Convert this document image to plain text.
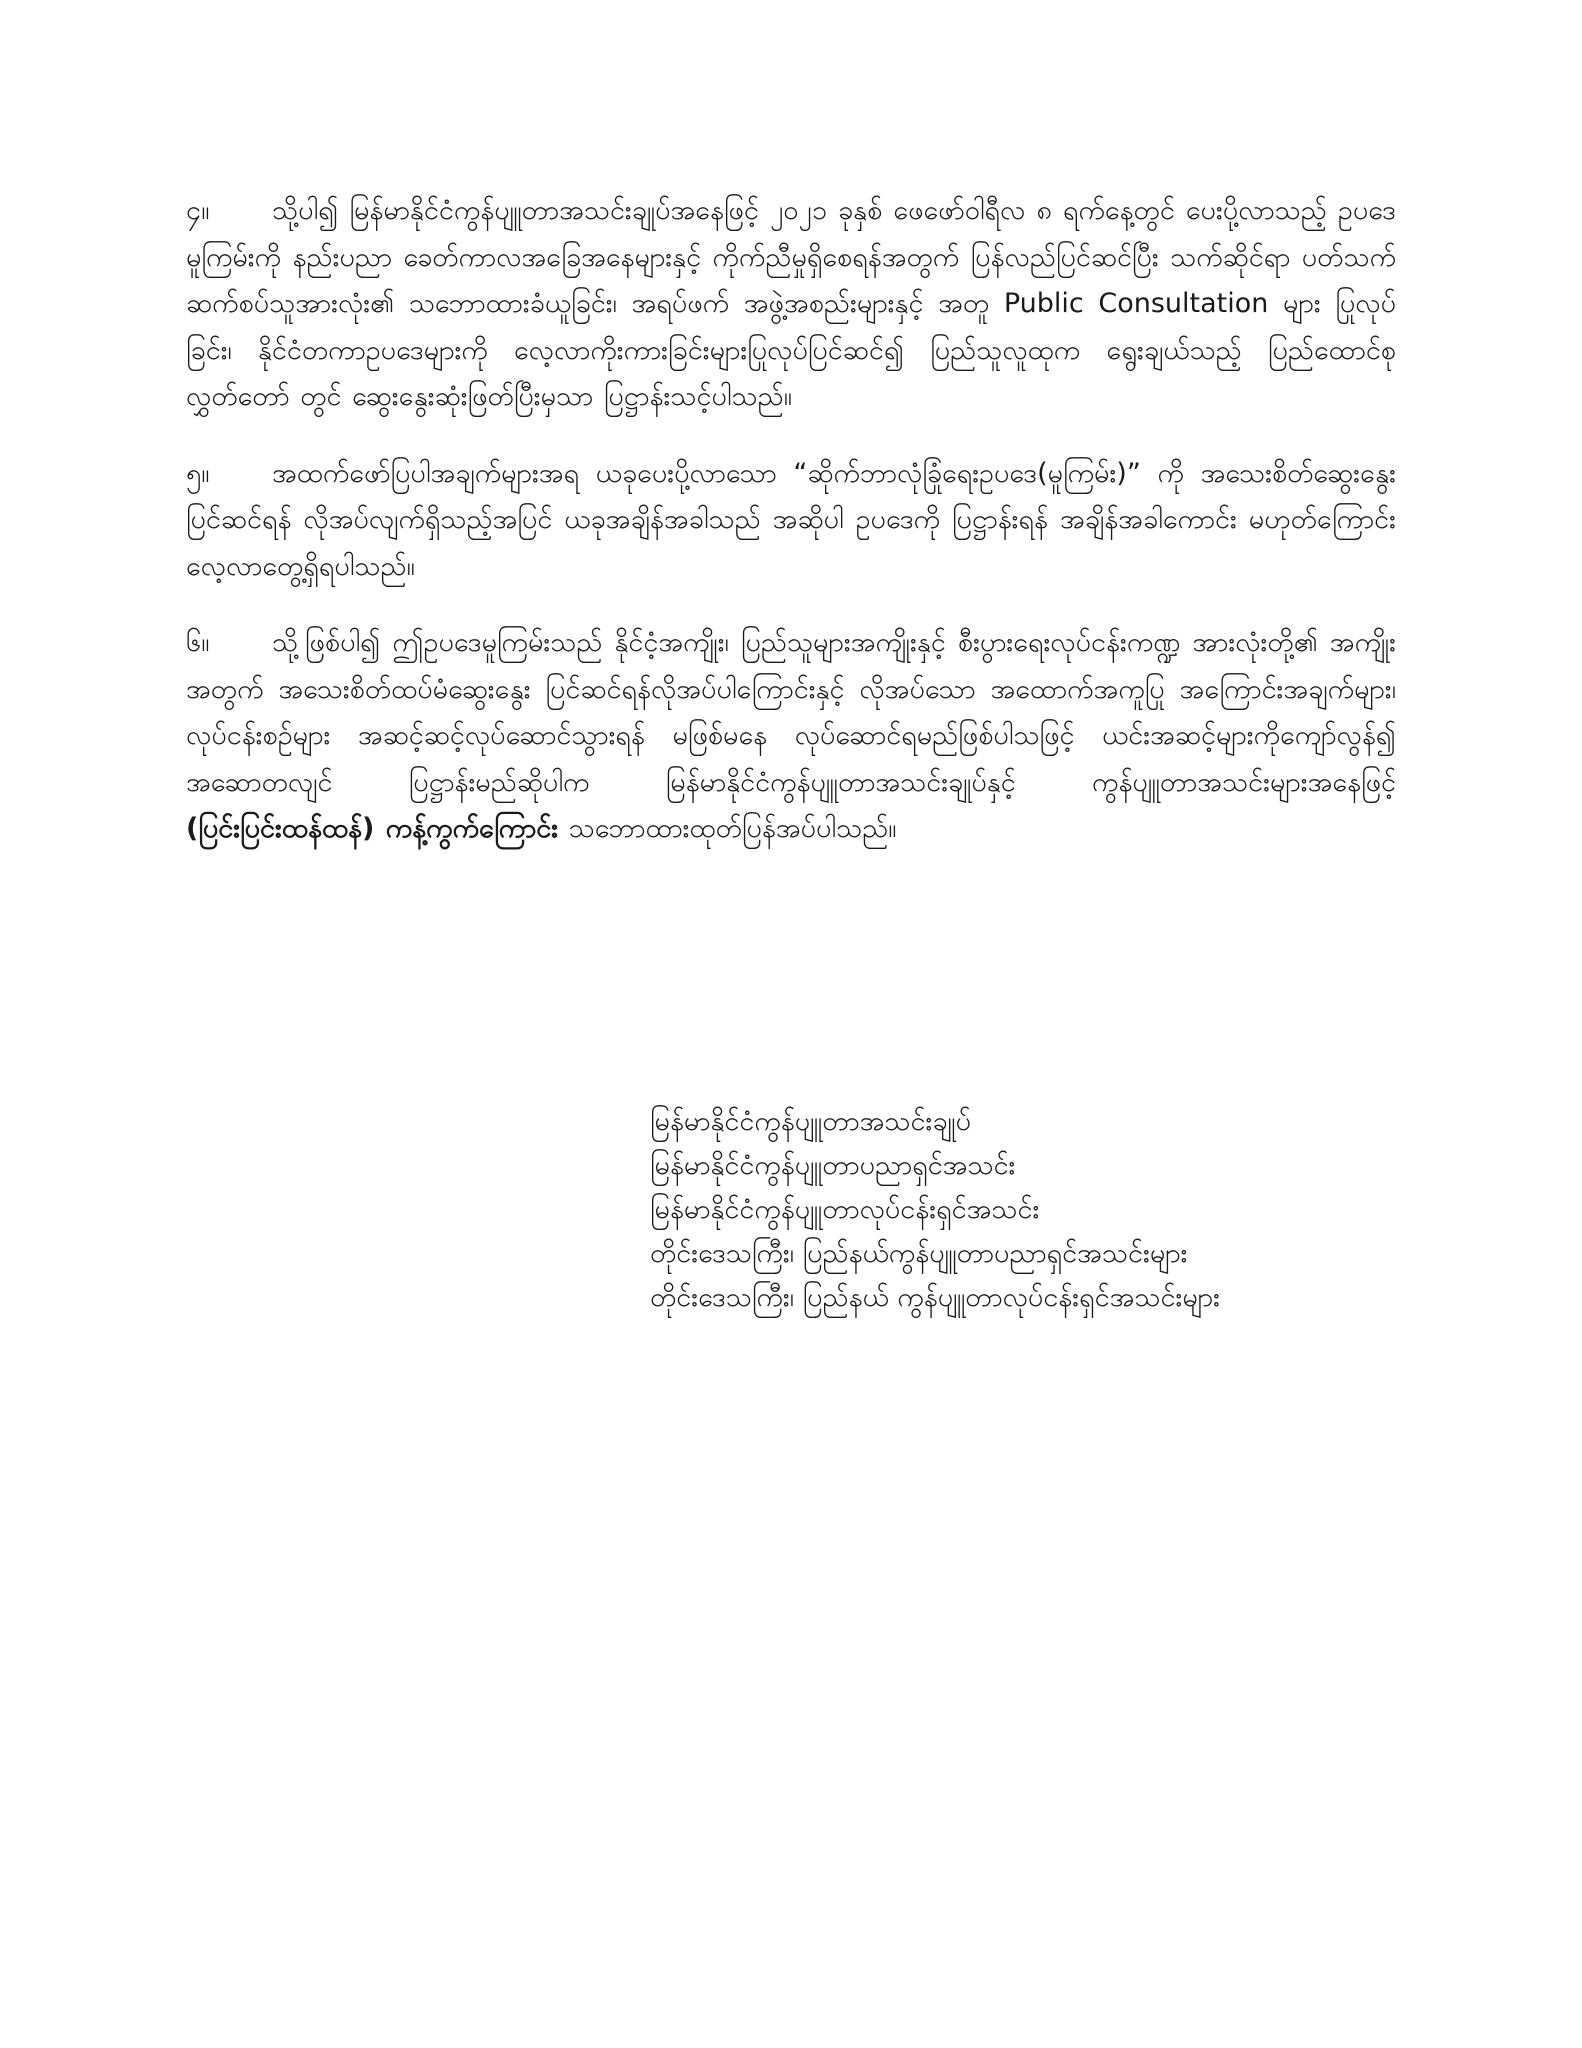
၄။ သို့ပါ၍ မြန်မာနိုင်ငံကွန်ပျူတာအသင်းချုပ်အနေဖြင့် ၂၀၂၁ ခုနှစ် ဖေဖော်ဝါရီလ ၈ ရက်နေ့တွင် ပေးပို့လာသည့် ဥပဒေမူကြမ်းကို နည်းပညာ ခေတ်ကာလအခြေအနေများနှင့် ကိုက်ညီမှုရှိစေရန်အတွက် ပြန်လည်ပြင်ဆင်ပြီး သက်ဆိုင်ရာ ပတ်သက်ဆက်စပ်သူအားလုံး၏ သဘောထားခံယူခြင်း၊ အရပ်ဖက် အဖွဲ့အစည်းများနှင့် အတူ Public Consultation များ ပြုလုပ်ခြင်း၊ နိုင်ငံတကာဥပဒေများကို လေ့လာကိုးကားခြင်းများပြုလုပ်ပြင်ဆင်၍ ပြည်သူလူထုက ရွေးချယ်သည့် ပြည်ထောင်စုလွှတ်တော် တွင် ဆွေးနွေးဆုံးဖြတ်ပြီးမှသာ ပြဋ္ဌာန်းသင့်ပါသည်။

၅။ အထက်ဖော်ပြပါအချက်များအရ ယခုပေးပို့လာသော “ဆိုက်ဘာလုံခြုံရေးဥပဒေ(မူကြမ်း)” ကို အသေးစိတ်ဆွေးနွေး ပြင်ဆင်ရန် လိုအပ်လျက်ရှိသည့်အပြင် ယခုအချိန်အခါသည် အဆိုပါ ဥပဒေကို ပြဋ္ဌာန်းရန် အချိန်အခါကောင်း မဟုတ်ကြောင်း လေ့လာတွေ့ရှိရပါသည်။

၆။ သို့ဖြစ်ပါ၍ ဤဥပဒေမူကြမ်းသည် နိုင်ငံ့အကျိုး၊ ပြည်သူများအကျိုးနှင့် စီးပွားရေးလုပ်ငန်းကဏ္ဍ အားလုံးတို့၏ အကျိုးအတွက် အသေးစိတ်ထပ်မံဆွေးနွေး ပြင်ဆင်ရန်လိုအပ်ပါကြောင်းနှင့် လိုအပ်သော အထောက်အကူပြု အကြောင်းအချက်များ၊ လုပ်ငန်းစဉ်များ အဆင့်ဆင့်လုပ်ဆောင်သွားရန် မဖြစ်မနေ လုပ်ဆောင်ရမည်ဖြစ်ပါသဖြင့် ယင်းအဆင့်များကိုကျော်လွန်၍ အဆောတလျင် ပြဋ္ဌာန်းမည်ဆိုပါက မြန်မာနိုင်ငံကွန်ပျူတာအသင်းချုပ်နှင့် ကွန်ပျူတာအသင်းများအနေဖြင့် (ပြင်းပြင်းထန်ထန်) ကန့်ကွက်ကြောင်း သဘောထားထုတ်ပြန်အပ်ပါသည်။

မြန်မာနိုင်ငံကွန်ပျူတာအသင်းချုပ်
မြန်မာနိုင်ငံကွန်ပျူတာပညာရှင်အသင်း
မြန်မာနိုင်ငံကွန်ပျူတာလုပ်ငန်းရှင်အသင်း
တိုင်းဒေသကြီး၊ ပြည်နယ်ကွန်ပျူတာပညာရှင်အသင်းများ
တိုင်းဒေသကြီး၊ ပြည်နယ် ကွန်ပျူတာလုပ်ငန်းရှင်အသင်းများ
